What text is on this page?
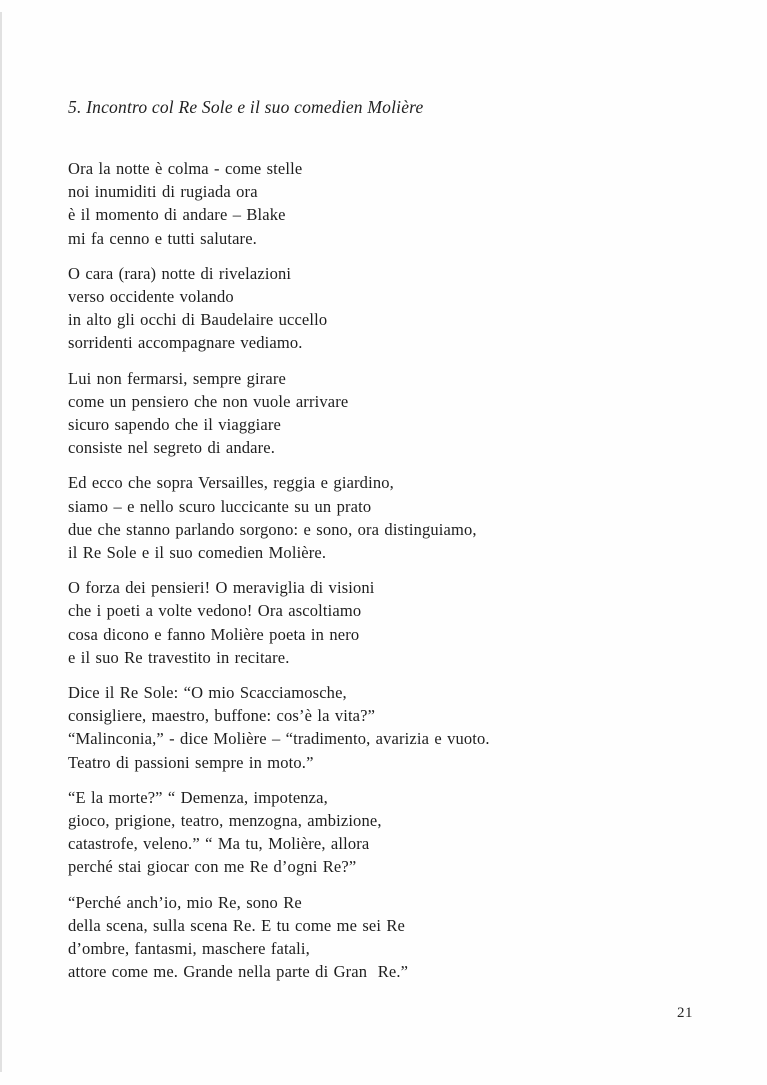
5. Incontro col Re Sole e il suo comedien Molière
Ora la notte è colma - come stelle
noi inumiditi di rugiada ora
è il momento di andare – Blake
mi fa cenno e tutti salutare.
O cara (rara) notte di rivelazioni
verso occidente volando
in alto gli occhi di Baudelaire uccello
sorridenti accompagnare vediamo.
Lui non fermarsi, sempre girare
come un pensiero che non vuole arrivare
sicuro sapendo che il viaggiare
consiste nel segreto di andare.
Ed ecco che sopra Versailles, reggia e giardino,
siamo – e nello scuro luccicante su un prato
due che stanno parlando sorgono: e sono, ora distinguiamo,
il Re Sole e il suo comedien Molière.
O forza dei pensieri! O meraviglia di visioni
che i poeti a volte vedono! Ora ascoltiamo
cosa dicono e fanno Molière poeta in nero
e il suo Re travestito in recitare.
Dice il Re Sole: “O mio Scacciamosche,
consigliere, maestro, buffone: cos’è la vita?”
“Malinconia,” - dice Molière – “tradimento, avarizia e vuoto.
Teatro di passioni sempre in moto.”
“E la morte?” “ Demenza, impotenza,
gioco, prigione, teatro, menzogna, ambizione,
catastrofe, veleno.” “ Ma tu, Molière, allora
perché stai giocar con me Re d’ogni Re?”
“Perché anch’io, mio Re, sono Re
della scena, sulla scena Re. E tu come me sei Re
d’ombre, fantasmi, maschere fatali,
attore come me. Grande nella parte di Gran  Re.”
21
